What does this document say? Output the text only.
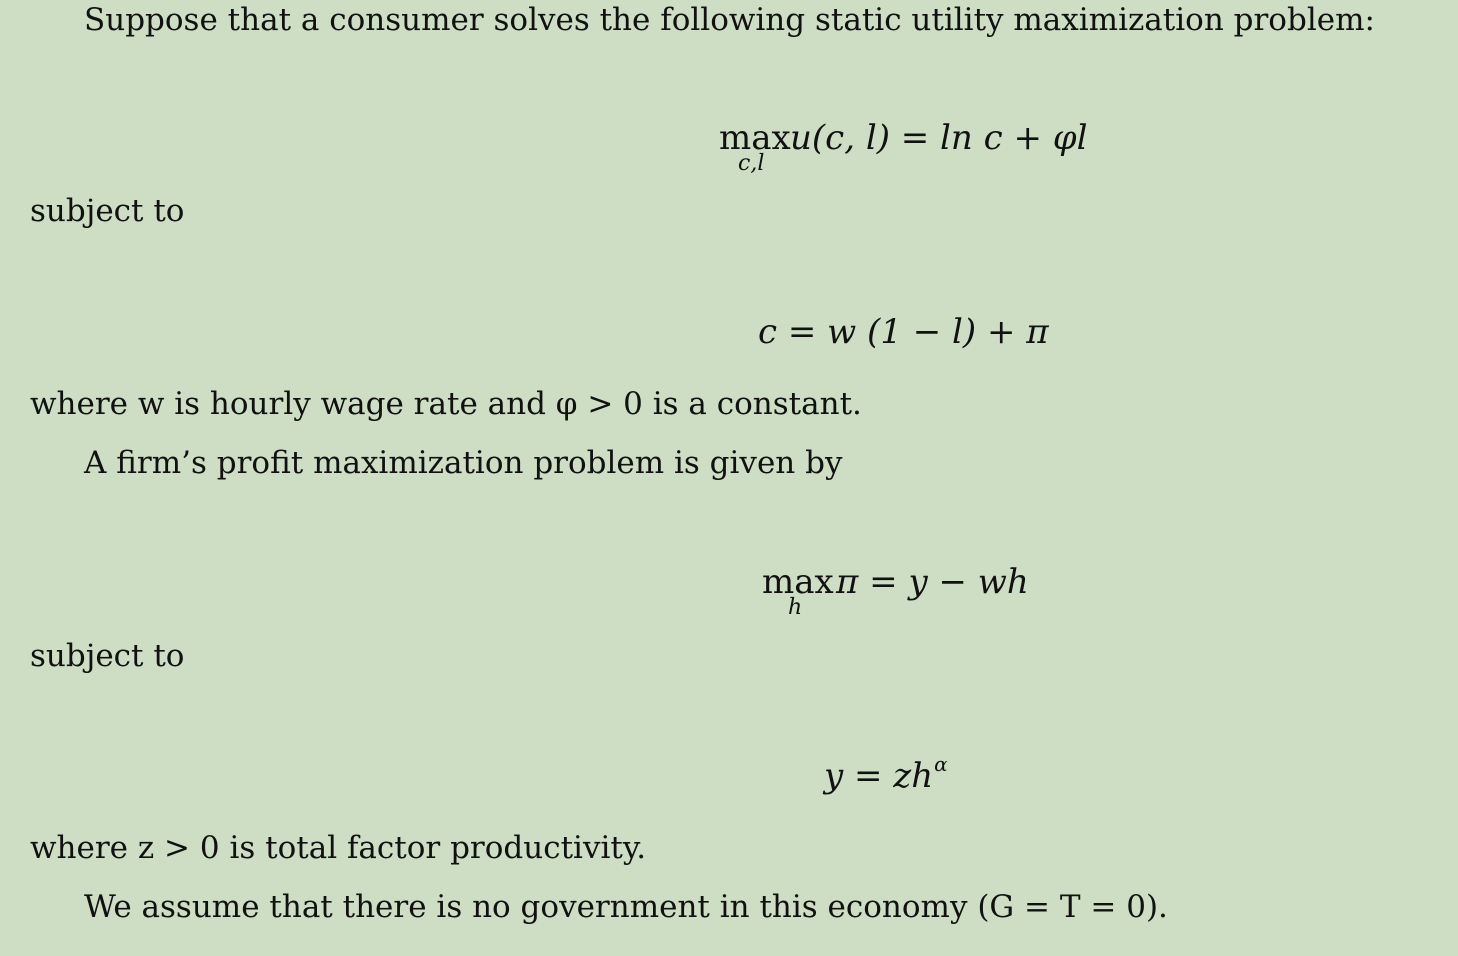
Suppose that a consumer solves the following static utility maximization problem:
max u(c, l) = ln c + φl
c,l
subject to
c = w (1 − l) + π
where w is hourly wage rate and φ > 0 is a constant.
A firm’s profit maximization problem is given by
max π = y − wh
h
subject to
$y = zh^\alpha$
where z > 0 is total factor productivity.
We assume that there is no government in this economy (G = T = 0).
